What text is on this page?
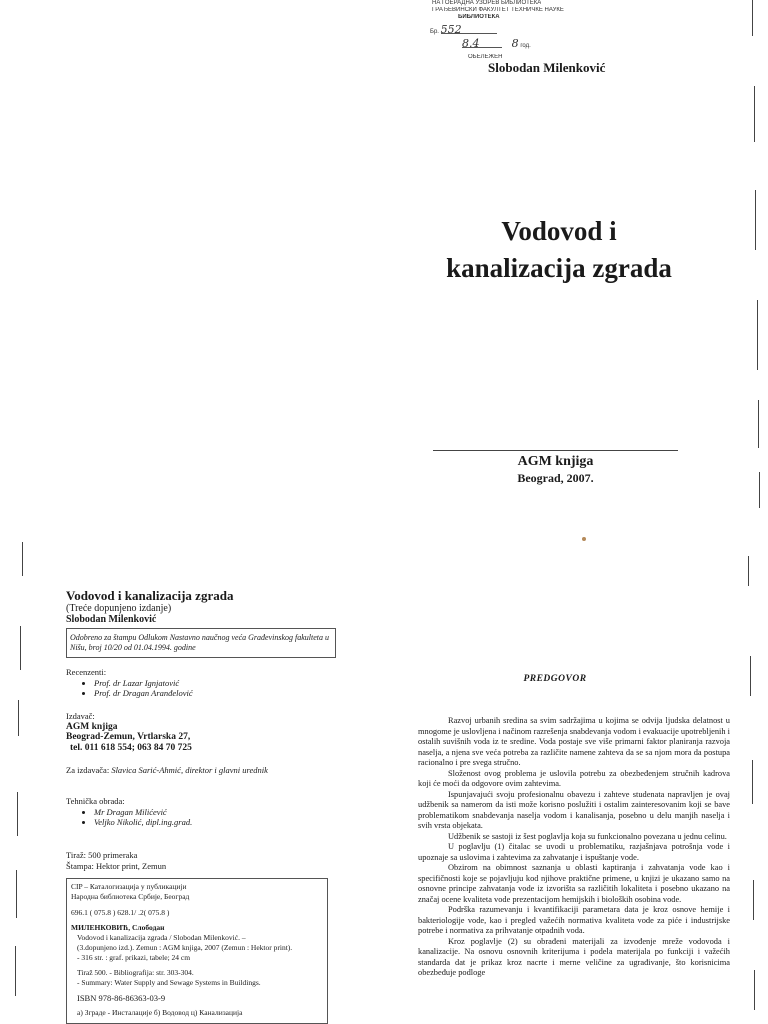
НА ГОЕРАДНА УЗОРЕВ БИБЛИОТЕКА
ГРАЂЕВИНСКИ ФАКУЛТЕТ ТЕХНИЧКЕ НАУКЕ
БИБЛИОТЕКА
Бр. 552
8.4	8 год.
ОБЕЛЕЖЕН
Slobodan Milenković
Vodovod i
kanalizacija zgrada
AGM knjiga
Beograd, 2007.
Vodovod i kanalizacija zgrada
(Treće dopunjeno izdanje)
Slobodan Milenković
Odobreno za štampu Odlukom Nastavno naučnog veća Građevinskog fakulteta u Nišu, broj 10/20 od 01.04.1994. godine
Recenzenti:
• Prof. dr Lazar Ignjatović
• Prof. dr Dragan Aranđelović
Izdavač:
AGM knjiga
Beograd-Zemun, Vrtlarska 27,
tel. 011 618 554; 063 84 70 725
Za izdavača: Slavica Sarić-Ahmić, direktor i glavni urednik
Tehnička obrada:
• Mr Dragan Milićević
• Veljko Nikolić, dipl.ing.grad.
Tiraž: 500 primeraka
Štampa: Hektor print, Zemun

CIP – Каталогизација у публикацији
Народна библиотека Србије, Београд

696.1 ( 075.8 ) 628.1/ .2( 075.8 )

МИЛЕНКОВИЋ, Слободан
Vodovod i kanalizacija zgrada / Slobodan Milenković. –
(3.dopunjeno izd.). Zemun : AGM knjiga, 2007 (Zemun : Hektor print).
- 316 str. : graf. prikazi, tabele; 24 cm

Tiraž 500. - Bibliografija: str. 303-304.
- Summary: Water Supply and Sewage Systems in Buildings.

ISBN 978-86-86363-03-9

а) Зграде - Инсталације б) Водовод ц) Канализација

PREDGOVOR

Razvoj urbanih sredina sa svim sadržajima u kojima se odvija ljudska delatnost u mnogome je uslovljena i načinom razrešenja snabdevanja vodom i evakuacije upotrebljenih i ostalih suvišnih voda iz te sredine. Voda postaje sve više primarni faktor planiranja razvoja naselja, a njena sve veća potreba za različite namene zahteva da se sa njom mora da postupa racionalno i pre svega stručno.

Složenost ovog problema je uslovila potrebu za obezbeđenjem stručnih kadrova koji će moći da odgovore ovim zahtevima.

Ispunjavajući svoju profesionalnu obavezu i zahteve studenata napravljen je ovaj udžbenik sa namerom da isti može korisno poslužiti i ostalim zainteresovanim koji se bave problematikom snabdevanja naselja vodom i kanalisanja, posebno u delu manjih naselja i svih vrsta objekata.

Udžbenik se sastoji iz šest poglavlja koja su funkcionalno povezana u jednu celinu.

U poglavlju (1) čitalac se uvodi u problematiku, razjašnjava potrošnja vode i upoznaje sa uslovima i zahtevima za zahvatanje i ispuštanje vode.

Obzirom na obimnost saznanja u oblasti kaptiranja i zahvatanja vode kao i specifičnosti koje se pojavljuju kod njihove praktične primene, u knjizi je ukazano samo na osnovne principe zahvatanja vode iz izvorišta sa različitih lokaliteta i posebno ukazano na značaj ocene kvaliteta vode prezentacijom hemijskih i bioloških osobina vode.

Podrška razumevanju i kvantifikaciji parametara data je kroz osnove hemije i bakteriologije vode, kao i pregled važećih normativa kvaliteta vode za piće i industrijske potrebe i normativa za prihvatanje otpadnih voda.

Kroz poglavlje (2) su obrađeni materijali za izvođenje mreže vodovoda i kanalizacije. Na osnovu osnovnih kriterijuma i podela materijala po funkciji i važećih standarda dat je prikaz kroz nacrte i merne veličine za ugrađivanje, što korisnicima obezbeđuje podloge
